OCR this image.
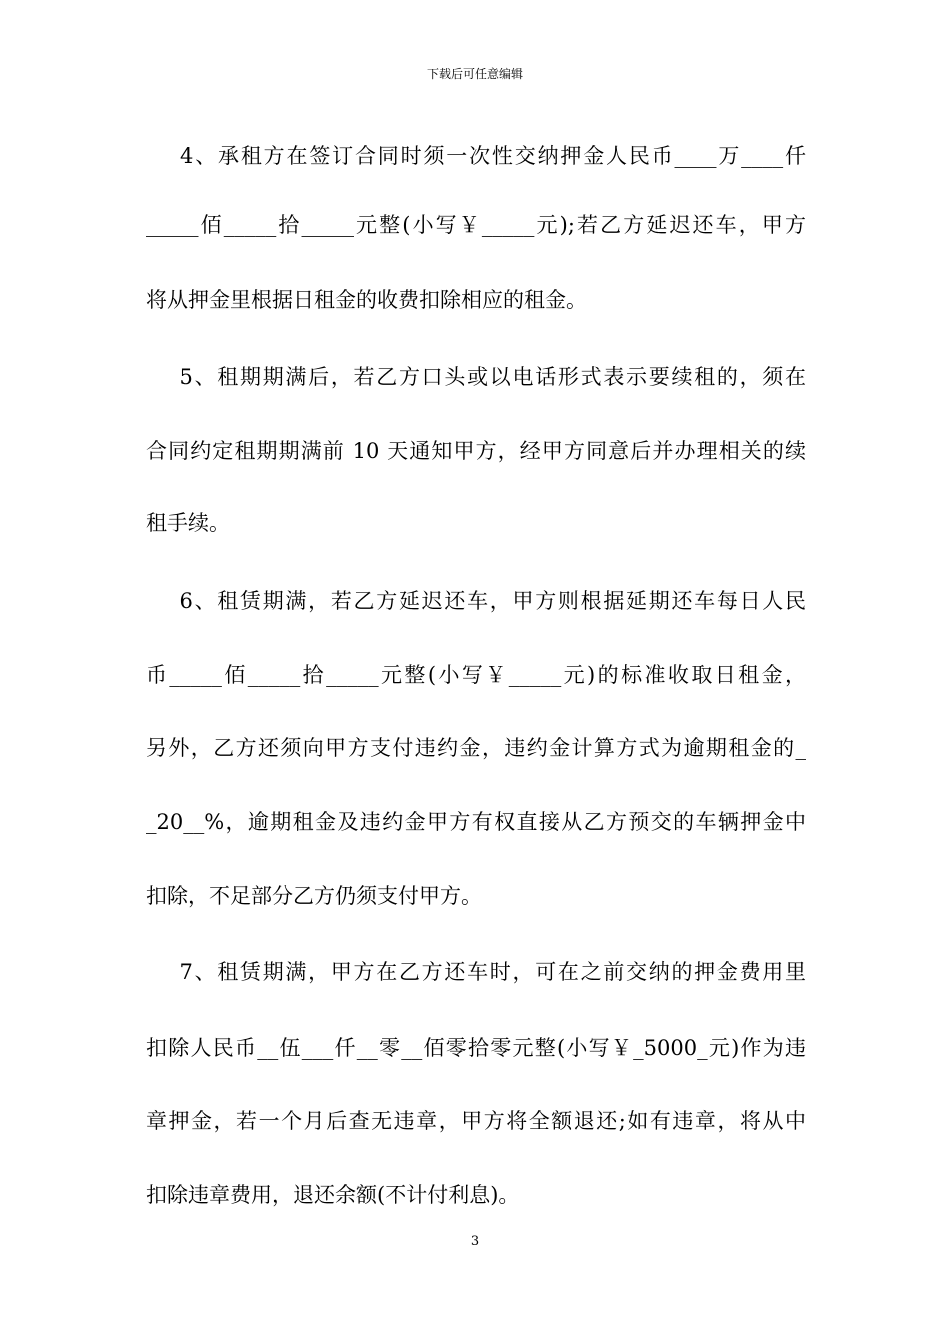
下载后可任意编辑
4、承租方在签订合同时须一次性交纳押金人民币____万____仟
_____佰_____拾_____元整(小写￥_____元);若乙方延迟还车，甲方
将从押金里根据日租金的收费扣除相应的租金。
5、租期期满后，若乙方口头或以电话形式表示要续租的，须在
合同约定租期期满前 10 天通知甲方，经甲方同意后并办理相关的续
租手续。
6、租赁期满，若乙方延迟还车，甲方则根据延期还车每日人民
币_____佰_____拾_____元整(小写￥_____元)的标准收取日租金，
另外，乙方还须向甲方支付违约金，违约金计算方式为逾期租金的_
_20__%，逾期租金及违约金甲方有权直接从乙方预交的车辆押金中
扣除，不足部分乙方仍须支付甲方。
7、租赁期满，甲方在乙方还车时，可在之前交纳的押金费用里
扣除人民币__伍___仟__零__佰零拾零元整(小写￥_5000_元)作为违
章押金，若一个月后查无违章，甲方将全额退还;如有违章，将从中
扣除违章费用，退还余额(不计付利息)。
3
